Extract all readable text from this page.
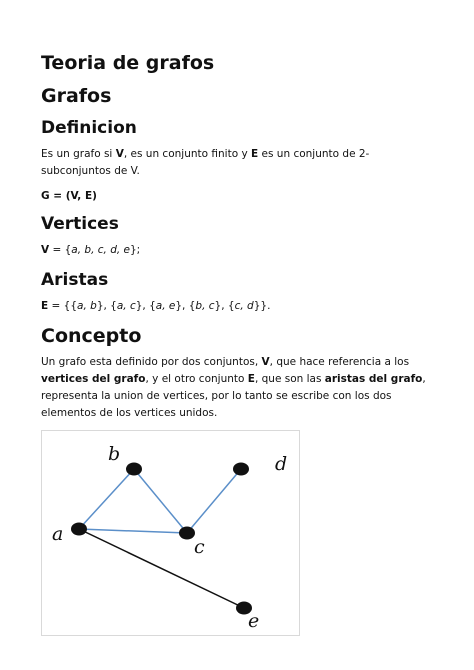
Teoria de grafos
Grafos
Definicion

Es un grafo si V, es un conjunto finito y E es un conjunto de 2-subconjuntos de V.

G = (V, E)

Vertices

V = {a, b, c, d, e};

Aristas

E = {{a, b}, {a, c}, {a, e}, {b, c}, {c, d}}.

Concepto

Un grafo esta definido por dos conjuntos, V, que hace referencia a los vertices del grafo, y el otro conjunto E, que son las aristas del grafo, representa la union de vertices, por lo tanto se escribe con los dos elementos de los vertices unidos.

a
b
c
d
e
